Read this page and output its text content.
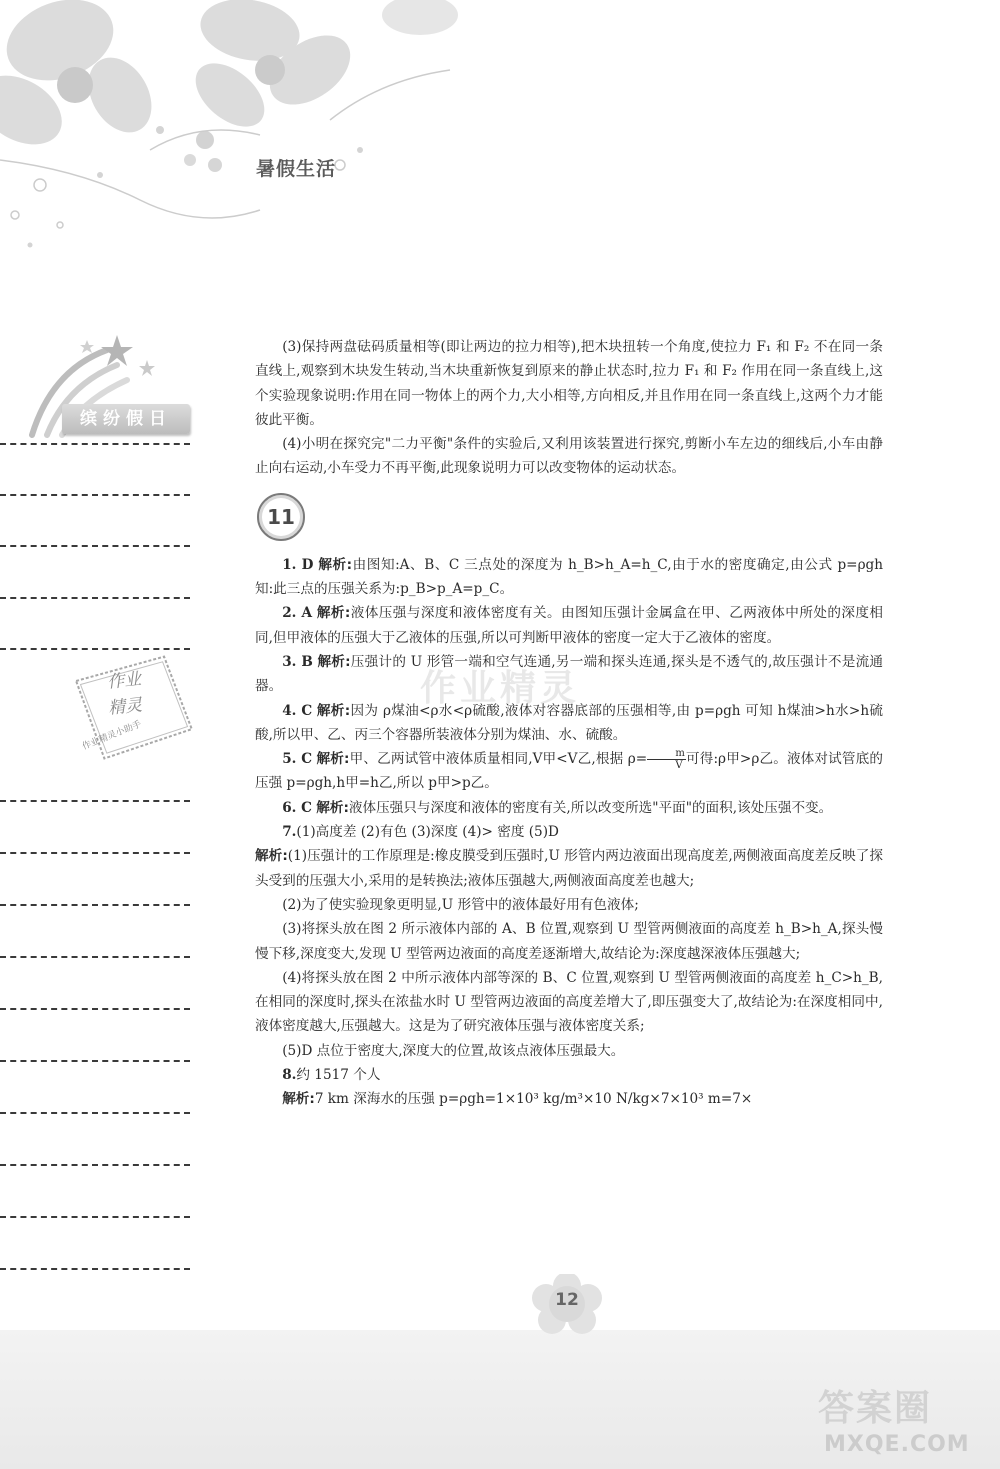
暑假生活
缤纷假日
作业
精灵
作业精灵小助手

(3)保持两盘砝码质量相等(即让两边的拉力相等),把木块扭转一个角度,使拉力 F₁ 和 F₂ 不在同一条直线上,观察到木块发生转动,当木块重新恢复到原来的静止状态时,拉力 F₁ 和 F₂ 作用在同一条直线上,这个实验现象说明:作用在同一物体上的两个力,大小相等,方向相反,并且作用在同一条直线上,这两个力才能彼此平衡。

(4)小明在探究完"二力平衡"条件的实验后,又利用该装置进行探究,剪断小车左边的细线后,小车由静止向右运动,小车受力不再平衡,此现象说明力可以改变物体的运动状态。

11

1. D 解析:由图知:A、B、C 三点处的深度为 h_B>h_A=h_C,由于水的密度确定,由公式 p=ρgh 知:此三点的压强关系为:p_B>p_A=p_C。

2. A 解析:液体压强与深度和液体密度有关。由图知压强计金属盒在甲、乙两液体中所处的深度相同,但甲液体的压强大于乙液体的压强,所以可判断甲液体的密度一定大于乙液体的密度。

3. B 解析:压强计的 U 形管一端和空气连通,另一端和探头连通,探头是不透气的,故压强计不是流通器。

4. C 解析:因为 ρ煤油<ρ水<ρ硫酸,液体对容器底部的压强相等,由 p=ρgh 可知 h煤油>h水>h硫酸,所以甲、乙、丙三个容器所装液体分别为煤油、水、硫酸。

5. C 解析:甲、乙两试管中液体质量相同,V甲<V乙,根据 $\rho= \frac{m}{V}$ 可得:ρ甲>ρ乙。液体对试管底的压强 p=ρgh,h甲=h乙,所以 p甲>p乙。

6. C 解析:液体压强只与深度和液体的密度有关,所以改变所选"平面"的面积,该处压强不变。

7.(1)高度差 (2)有色 (3)深度 (4)> 密度 (5)D

解析:(1)压强计的工作原理是:橡皮膜受到压强时,U 形管内两边液面出现高度差,两侧液面高度差反映了探头受到的压强大小,采用的是转换法;液体压强越大,两侧液面高度差也越大;

(2)为了使实验现象更明显,U 形管中的液体最好用有色液体;

(3)将探头放在图 2 所示液体内部的 A、B 位置,观察到 U 型管两侧液面的高度差 h_B>h_A,探头慢慢下移,深度变大,发现 U 型管两边液面的高度差逐渐增大,故结论为:深度越深液体压强越大;

(4)将探头放在图 2 中所示液体内部等深的 B、C 位置,观察到 U 型管两侧液面的高度差 h_C>h_B,在相同的深度时,探头在浓盐水时 U 型管两边液面的高度差增大了,即压强变大了,故结论为:在深度相同中,液体密度越大,压强越大。这是为了研究液体压强与液体密度关系;

(5)D 点位于密度大,深度大的位置,故该点液体压强最大。

8.约 1517 个人

解析:7 km 深海水的压强 p=ρgh=1×10³ kg/m³×10 N/kg×7×10³ m=7×

作业精灵
12
答案圈
MXQE.COM
